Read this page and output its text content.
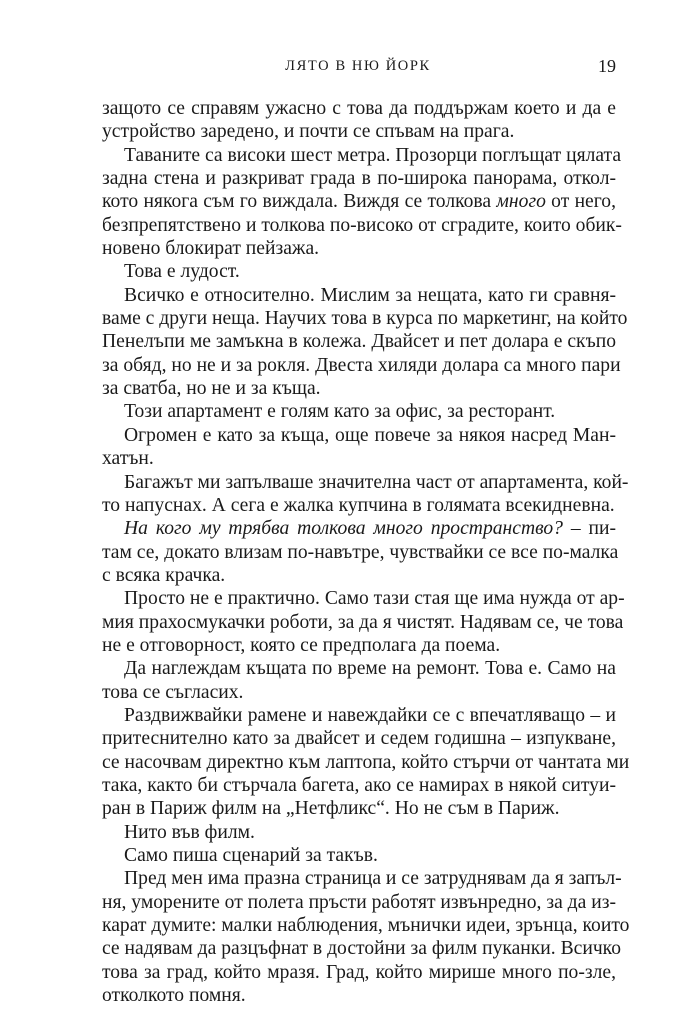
ЛЯТО В НЮ ЙОРК	19
защото се справям ужасно с това да поддържам което и да е
устройство заредено, и почти се спъвам на прага.
Таваните са високи шест метра. Прозорци поглъщат цялата
задна стена и разкриват града в по-широка панорама, откол-
кото някога съм го виждала. Виждя се толкова много от него,
безпрепятствено и толкова по-високо от сградите, които обик-
новено блокират пейзажа.
Това е лудост.
Всичко е относително. Мислим за нещата, като ги сравня-
ваме с други неща. Научих това в курса по маркетинг, на който
Пенелъпи ме замъкна в колежа. Двайсет и пет долара е скъпо
за обяд, но не и за рокля. Двеста хиляди долара са много пари
за сватба, но не и за къща.
Този апартамент е голям като за офис, за ресторант.
Огромен е като за къща, още повече за някоя насред Ман-
хатън.
Багажът ми запълваше значителна част от апартамента, кой-
то напуснах. А сега е жалка купчина в голямата всекидневна.
На кого му трябва толкова много пространство? – пи-
там се, докато влизам по-навътре, чувствайки се все по-малка
с всяка крачка.
Просто не е практично. Само тази стая ще има нужда от ар-
мия прахосмукачки роботи, за да я чистят. Надявам се, че това
не е отговорност, която се предполага да поема.
Да наглеждам къщата по време на ремонт. Това е. Само на
това се съгласих.
Раздвижвайки рамене и навеждайки се с впечатляващо – и
притеснително като за двайсет и седем годишна – изпукване,
се насочвам директно към лаптопа, който стърчи от чантата ми
така, както би стърчала багета, ако се намирах в някой ситуи-
ран в Париж филм на „Нетфликс“. Но не съм в Париж.
Нито във филм.
Само пиша сценарий за такъв.
Пред мен има празна страница и се затруднявам да я запъл-
ня, уморените от полета пръсти работят извънредно, за да из-
карат думите: малки наблюдения, мънички идеи, зрънца, които
се надявам да разцъфнат в достойни за филм пуканки. Всичко
това за град, който мразя. Град, който мирише много по-зле,
отколкото помня.
